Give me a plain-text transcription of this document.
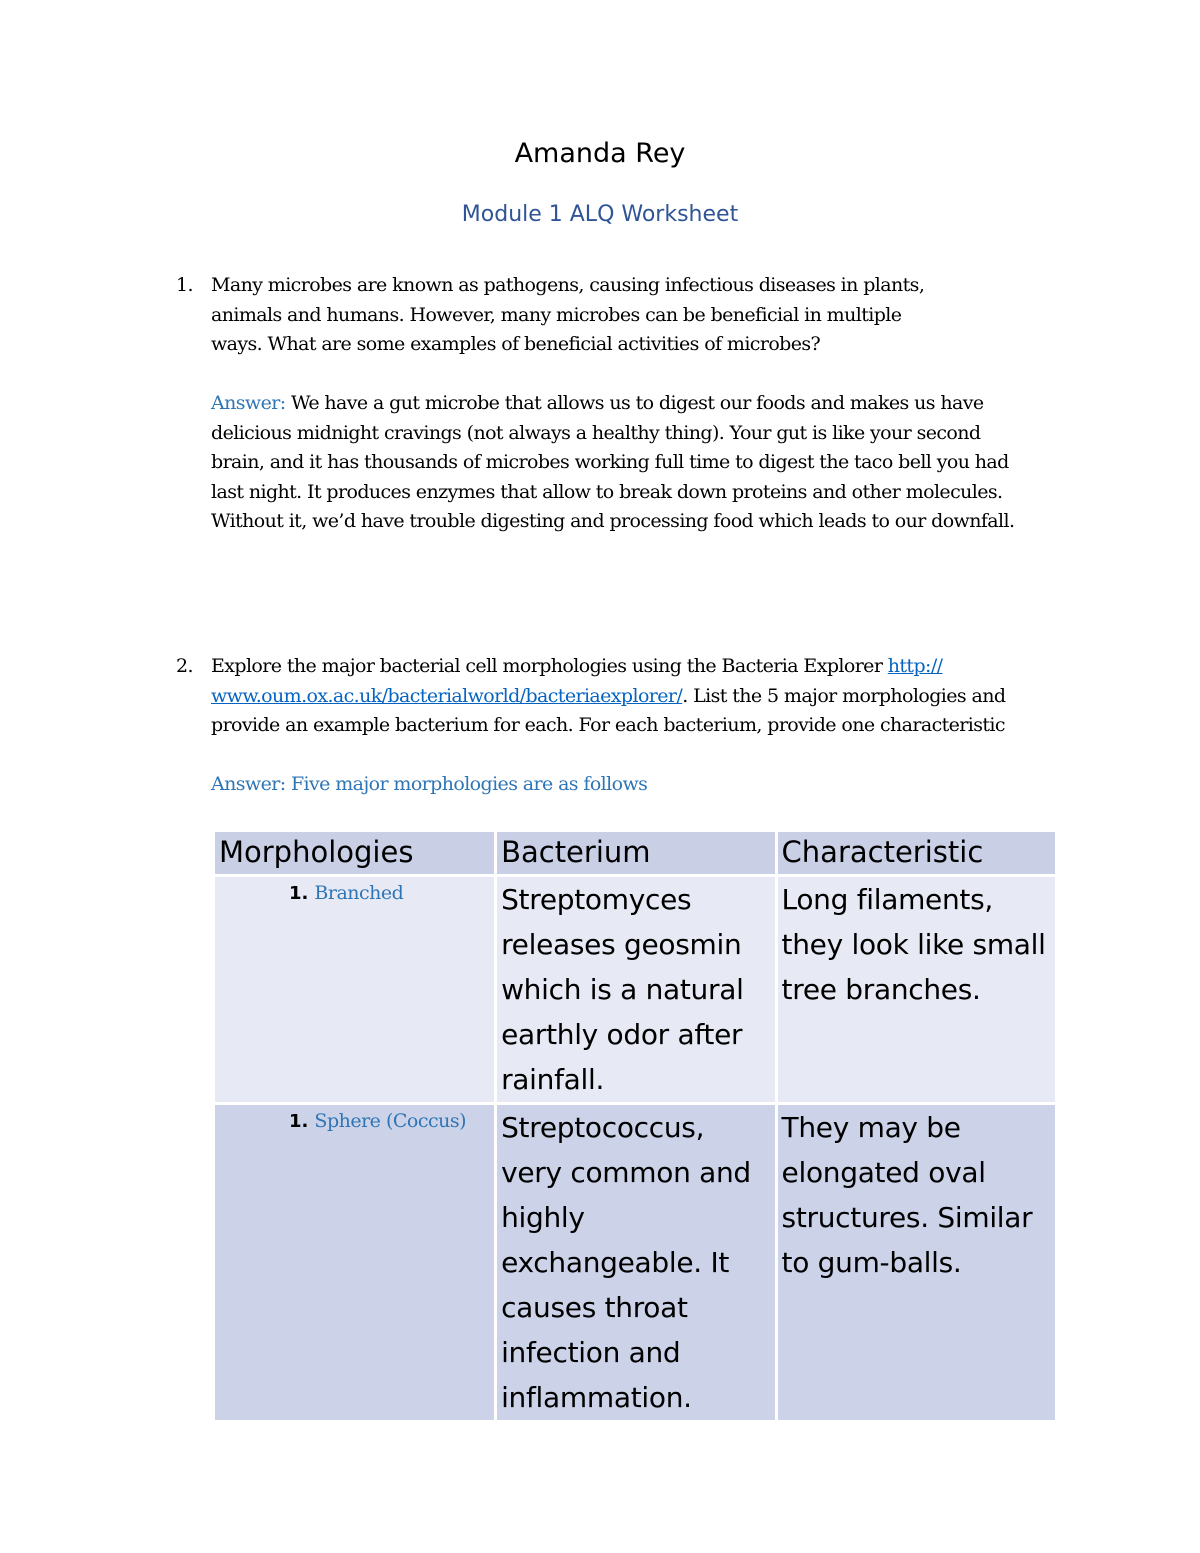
Amanda Rey
Module 1 ALQ Worksheet
1. Many microbes are known as pathogens, causing infectious diseases in plants,
animals and humans. However, many microbes can be beneficial in multiple
ways. What are some examples of beneficial activities of microbes?
Answer: We have a gut microbe that allows us to digest our foods and makes us have
delicious midnight cravings (not always a healthy thing). Your gut is like your second
brain, and it has thousands of microbes working full time to digest the taco bell you had
last night. It produces enzymes that allow to break down proteins and other molecules.
Without it, we’d have trouble digesting and processing food which leads to our downfall.
2. Explore the major bacterial cell morphologies using the Bacteria Explorer http://
www.oum.ox.ac.uk/bacterialworld/bacteriaexplorer/. List the 5 major morphologies and
provide an example bacterium for each. For each bacterium, provide one characteristic
Answer: Five major morphologies are as follows
Morphologies	Bacterium	Characteristic

1. Branched	Streptomyces releases geosmin which is a natural earthly odor after rainfall.	Long filaments, they look like small tree branches.

1. Sphere (Coccus)	Streptococcus, very common and highly exchangeable. It causes throat infection and inflammation.	They may be elongated oval structures. Similar to gum-balls.
